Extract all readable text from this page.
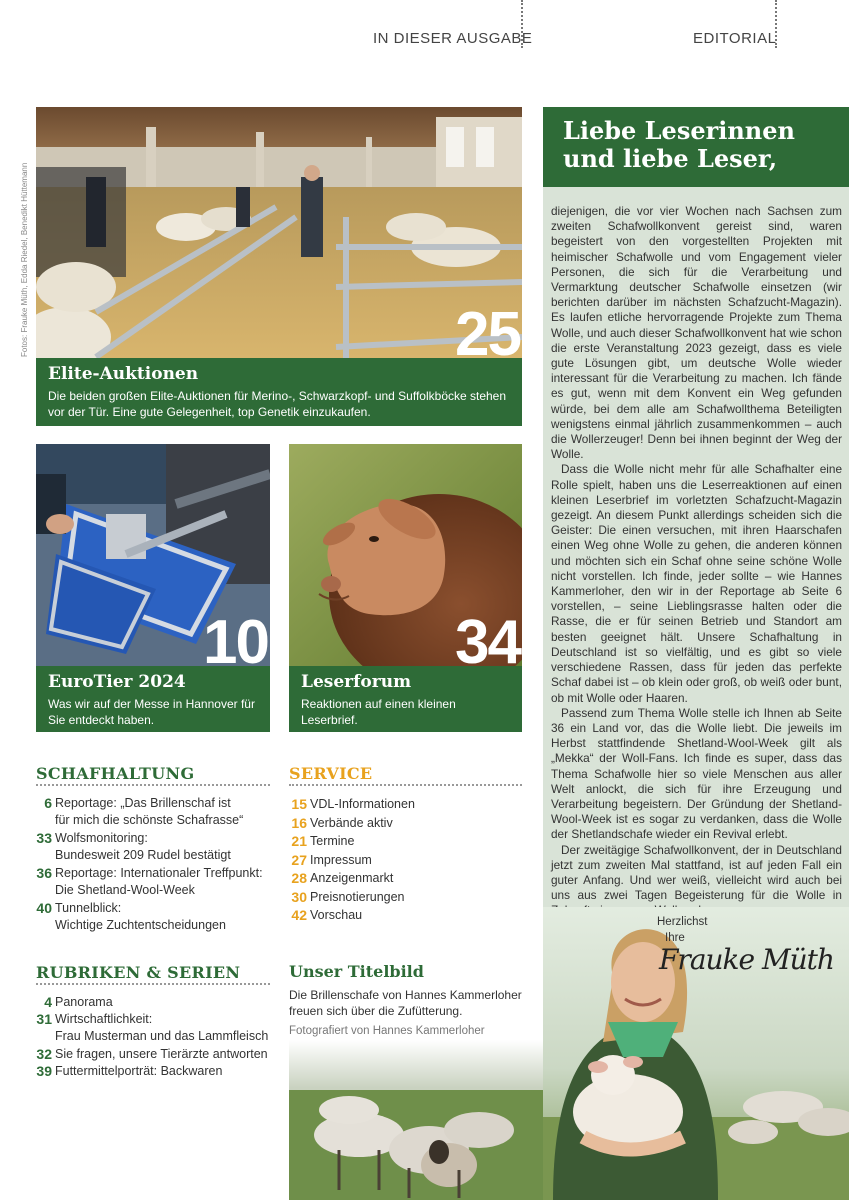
IN DIESER AUSGABE	EDITORIAL
Fotos: Frauke Müth, Edda Riedel, Benedikt Hüttemann	25
Elite-Auktionen
Die beiden großen Elite-Auktionen für Merino-, Schwarzkopf- und Suffolkböcke stehen vor der Tür. Eine gute Gelegenheit, top Genetik einzukaufen.
10
EuroTier 2024
Was wir auf der Messe in Hannover für Sie entdeckt haben.
34
Leserforum
Reaktionen auf einen kleinen Leserbrief.
SCHAFHALTUNG
6 Reportage : „Das Brillenschaf ist
für mich die schönste Schafrasse“
33 Wolfsmonitoring :
Bundesweit 209 Rudel bestätigt
36 Reportage : Internationaler Treffpunkt:
Die Shetland-Wool-Week
40 Tunnelblick :
Wichtige Zuchtentscheidungen
SERVICE
15 VDL-Informationen
16 Verbände aktiv
21 Termine
27 Impressum
28 Anzeigenmarkt
30 Preisnotierungen
42 Vorschau
RUBRIKEN & SERIEN
4 Panorama
31 Wirtschaftlichkeit :
Frau Musterman und das Lammfleisch
32 Sie fragen, unsere Tierärzte antworten
39 Futtermittelporträt : Backwaren
Unser Titelbild
Die Brillenschafe von Hannes Kammerloher freuen sich über die Zufütterung.
Fotografiert von Hannes Kammerloher
Liebe Leserinnen
und liebe Leser,

diejenigen, die vor vier Wochen nach Sachsen zum zweiten Schafwollkonvent gereist sind, waren begeistert von den vorgestellten Projekten mit heimischer Schafwolle und vom Engagement vieler Personen, die sich für die Verarbeitung und Vermarktung deutscher Schafwolle einsetzen (wir berichten darüber im nächsten Schafzucht-Magazin). Es laufen etliche hervorragende Projekte zum Thema Wolle, und auch dieser Schafwollkonvent hat wie schon die erste Veranstaltung 2023 gezeigt, dass es viele gute Lösungen gibt, um deutsche Wolle wieder interessant für die Verarbeitung zu machen. Ich fände es gut, wenn mit dem Konvent ein Weg gefunden würde, bei dem alle am Schafwollthema Beteiligten wenigstens einmal jährlich zusammenkommen – auch die Wollerzeuger! Denn bei ihnen beginnt der Weg der Wolle.

Dass die Wolle nicht mehr für alle Schafhalter eine Rolle spielt, haben uns die Leserreaktionen auf einen kleinen Leserbrief im vorletzten Schafzucht-Magazin gezeigt. An diesem Punkt allerdings scheiden sich die Geister: Die einen versuchen, mit ihren Haarschafen einen Weg ohne Wolle zu gehen, die anderen können und möchten sich ein Schaf ohne seine schöne Wolle nicht vorstellen. Ich finde, jeder sollte – wie Hannes Kammerloher, den wir in der Reportage ab Seite 6 vorstellen, – seine Lieblingsrasse halten oder die Rasse, die er für seinen Betrieb und Standort am besten geeignet hält. Unsere Schafhaltung in Deutschland ist so vielfältig, und es gibt so viele verschiedene Rassen, dass für jeden das perfekte Schaf dabei ist – ob klein oder groß, ob weiß oder bunt, ob mit Wolle oder Haaren.

Passend zum Thema Wolle stelle ich Ihnen ab Seite 36 ein Land vor, das die Wolle liebt. Die jeweils im Herbst stattfindende Shetland-Wool-Week gilt als „Mekka“ der Woll-Fans. Ich finde es super, dass das Thema Schafwolle hier so viele Menschen aus aller Welt anlockt, die sich für ihre Erzeugung und Verarbeitung begeistern. Der Gründung der Shetland-Wool-Week ist es sogar zu verdanken, dass die Wolle der Shetlandschafe wieder ein Revival erlebt.

Der zweitägige Schafwollkonvent, der in Deutschland jetzt zum zweiten Mal stattfand, ist auf jeden Fall ein guter Anfang. Und wer weiß, vielleicht wird auch bei uns aus zwei Tagen Begeisterung für die Wolle in

Herzlichst
Ihre
Frauke Müth
